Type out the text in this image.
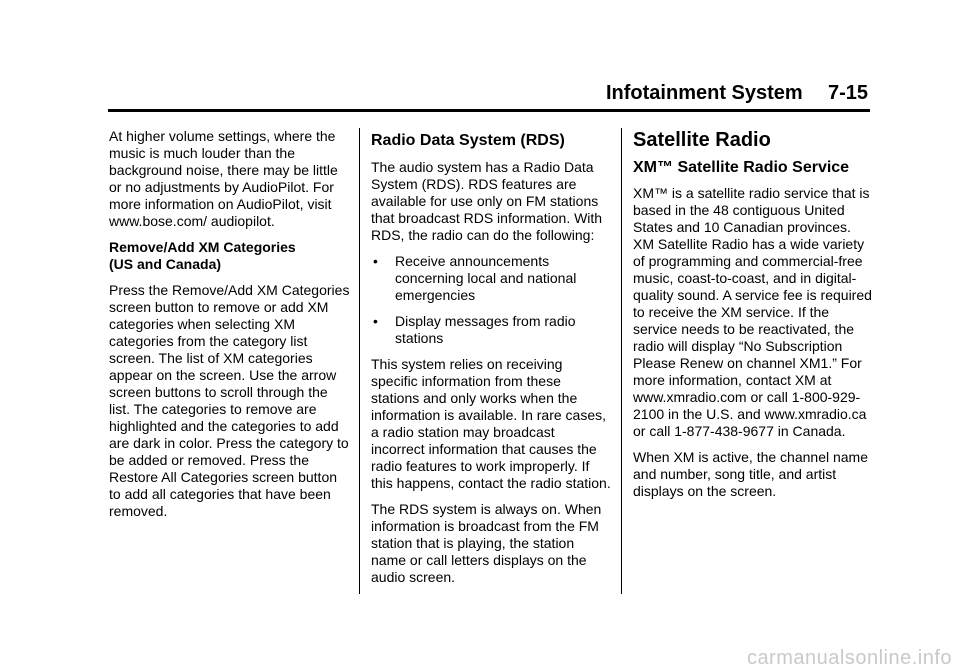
Infotainment System 7-15

At higher volume settings, where the music is much louder than the background noise, there may be little or no adjustments by AudioPilot. For more information on AudioPilot, visit www.bose.com/ audiopilot.

Remove/Add XM Categories
(US and Canada)

Press the Remove/Add XM Categories screen button to remove or add XM categories when selecting XM categories from the category list screen. The list of XM categories appear on the screen. Use the arrow screen buttons to scroll through the list. The categories to remove are highlighted and the categories to add are dark in color. Press the category to be added or removed. Press the Restore All Categories screen button to add all categories that have been removed.

Radio Data System (RDS)

The audio system has a Radio Data System (RDS). RDS features are available for use only on FM stations that broadcast RDS information. With RDS, the radio can do the following:

• Receive announcements concerning local and national emergencies
• Display messages from radio stations

This system relies on receiving specific information from these stations and only works when the information is available. In rare cases, a radio station may broadcast incorrect information that causes the radio features to work improperly. If this happens, contact the radio station.

The RDS system is always on. When information is broadcast from the FM station that is playing, the station name or call letters displays on the audio screen.

Satellite Radio
XM™ Satellite Radio Service

XM™ is a satellite radio service that is based in the 48 contiguous United States and 10 Canadian provinces. XM Satellite Radio has a wide variety of programming and commercial-free music, coast-to-coast, and in digital-quality sound. A service fee is required to receive the XM service. If the service needs to be reactivated, the radio will display “No Subscription Please Renew on channel XM1.” For more information, contact XM at www.xmradio.com or call 1-800-929-2100 in the U.S. and www.xmradio.ca or call 1-877-438-9677 in Canada.

When XM is active, the channel name and number, song title, and artist displays on the screen.

carmanualsonline.info
